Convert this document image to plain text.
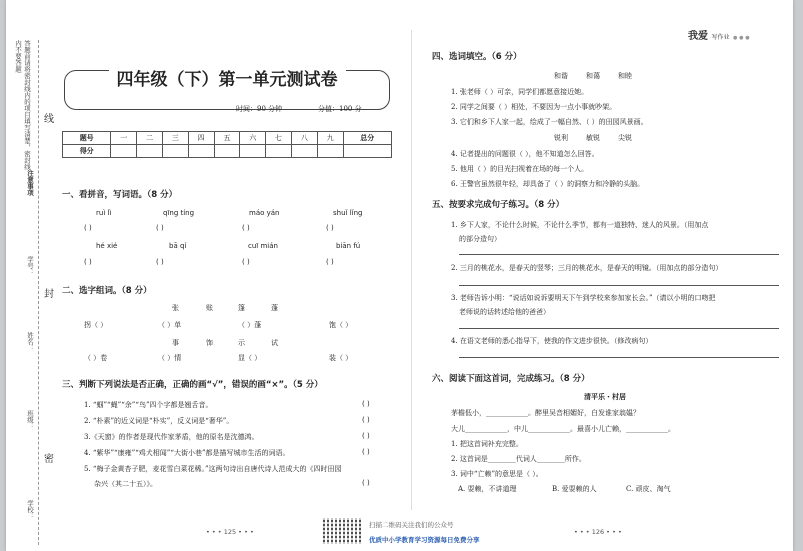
答题前请将密封线内的项目填写清楚，密封线内不要答题
注意事项
学号：
姓名：
班级：
学校：
线
封
密
四年级（下）第一单元测试卷
时间：90 分钟	分值：100 分
题号	一	二	三	四	五	六	七	八	九	总分
得分										
一、看拼音，写词语。（8 分）
ruì lì	qīng tíng	máo yán	shuǐ lǐng
( )	( )	( )	( )
hé xié	bā qí	cuī mián	biān fú
( )	( )	( )	( )
二、选字组词。（8 分）
张	账	篷	蓬
拐（ ）	（ ）单	（ ）蓬	饱（ ）
事	饰	示	试
（ ）卷	（ ）情	显（ ）	装（ ）
三、判断下列说法是否正确，正确的画“√”，错误的画“×”。（5 分）
1. “蝈”“蝇”“余”“鸟”四个字都是翘舌音。
2. “朴素”的近义词是“朴实”，反义词是“奢华”。
3.《天窗》的作者是现代作家茅盾，他的原名是沈德鸿。
4. “紫华”“康雍”“鸡犬相闻”“大街小巷”都是描写城市生活的词语。
5. “梅子金黄杏子肥，麦花雪白菜花稀。”这两句诗出自唐代诗人范成大的《四时田园
杂兴（其二十五）》。
( )
( )
( )
( )
( )
• • • 125 • • •
我爱 写作业 ● ● ●
四、选词填空。（6 分）
和谐	和蔼	和睦
1. 张老师（ ）可亲，同学们都愿意接近她。
2. 同学之间要（ ）相处，不要因为一点小事就吵架。
3. 它们和乡下人家一起，绘成了一幅自然、（ ）的田园风景画。
锐利	敏锐	尖锐
4. 记者提出的问题很（ ），他不知道怎么回答。
5. 他用（ ）的目光扫视着在场的每一个人。
6. 王警官虽然很年轻，却具备了（ ）的洞察力和冷静的头脑。
五、按要求完成句子练习。（8 分）
1. 乡下人家，不论什么时候，不论什么季节，都有一道独特、迷人的风景。（用加点
的部分造句）
2. 三月的桃花水，是春天的竖琴；三月的桃花水，是春天的明镜。（用加点的部分造句）
3. 老师告诉小明：“说话如说诉要明天下午到学校来参加家长会。”（请以小明的口吻把
老师说的话转述给他的爸爸）
4. 在语文老师的悉心指导下，使我的作文进步很快。（修改病句）
六、阅读下面这首词，完成练习。（8 分）
清平乐・村居
茅檐低小，____________。醉里吴音相媚好，白发谁家翁媪？
大儿____________，中儿____________。最喜小儿亡赖，____________。
1. 把这首词补充完整。
2. 这首词是________代词人________所作。
3. 词中“亡赖”的意思是（ ）。
A. 耍赖，不讲道理	B. 爱耍赖的人	C. 顽皮、淘气
• • • 126 • • •
扫描二维码关注我们的公众号
优质中小学教育学习资源每日免费分享
